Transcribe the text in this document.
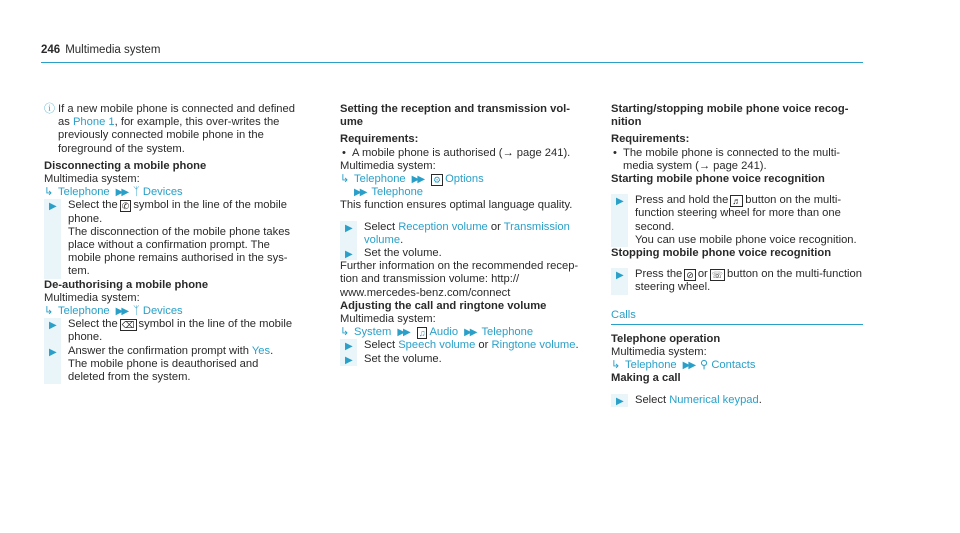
246 Multimedia system

ⓘ If a new mobile phone is connected and defined as Phone 1, for example, this over-writes the previously connected mobile phone in the foreground of the system.

Disconnecting a mobile phone

Multimedia system:

↳ Telephone ▶▶ ᛉ Devices

▶ Select the ✆ symbol in the line of the mobile phone.
The disconnection of the mobile phone takes place without a confirmation prompt. The mobile phone remains authorised in the sys-tem.

De-authorising a mobile phone

Multimedia system:

↳ Telephone ▶▶ ᛉ Devices

▶ Select the ⌫ symbol in the line of the mobile phone.
▶ Answer the confirmation prompt with Yes.
The mobile phone is deauthorised and deleted from the system.

Setting the reception and transmission vol-ume

Requirements:

• A mobile phone is authorised (→ page 241).

Multimedia system:

↳ Telephone ▶▶ ⚙ Options
▶▶ Telephone

This function ensures optimal language quality.

▶ Select Reception volume or Transmission volume.
▶ Set the volume.

Further information on the recommended recep-tion and transmission volume: http:// www.mercedes-benz.com/connect

Adjusting the call and ringtone volume

Multimedia system:

↳ System ▶▶ ♫ Audio ▶▶ Telephone

▶ Select Speech volume or Ringtone volume.
▶ Set the volume.

Starting/stopping mobile phone voice recog-nition

Requirements:

• The mobile phone is connected to the multi-media system (→ page 241).

Starting mobile phone voice recognition

▶ Press and hold the ♬ button on the multi-function steering wheel for more than one second.
You can use mobile phone voice recognition.

Stopping mobile phone voice recognition

▶ Press the ⊘ or ☏ button on the multi-function steering wheel.
Calls

Telephone operation

Multimedia system:

↳ Telephone ▶▶ ⚲ Contacts

Making a call

▶ Select Numerical keypad.
